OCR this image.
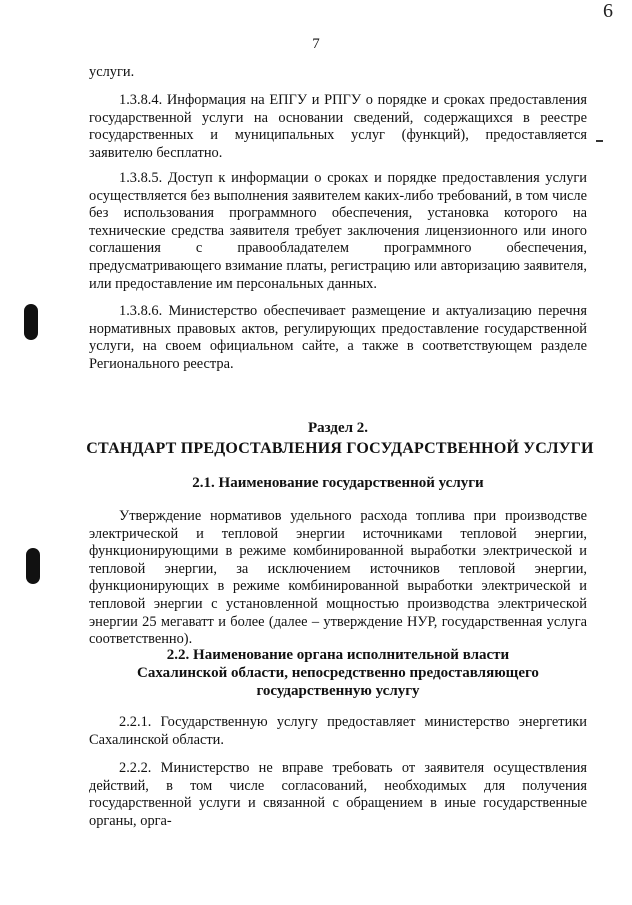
6
7

услуги.

1.3.8.4. Информация на ЕПГУ и РПГУ о порядке и сроках предоставления государственной услуги на основании сведений, содержащихся в реестре государственных и муниципальных услуг (функций), предоставляется заявителю бесплатно.

1.3.8.5. Доступ к информации о сроках и порядке предоставления услуги осуществляется без выполнения заявителем каких-либо требований, в том числе без использования программного обеспечения, установка которого на технические средства заявителя требует заключения лицензионного или иного соглашения с правообладателем программного обеспечения, предусматривающего взимание платы, регистрацию или авторизацию заявителя, или предоставление им персональных данных.

1.3.8.6. Министерство обеспечивает размещение и актуализацию перечня нормативных правовых актов, регулирующих предоставление государственной услуги, на своем официальном сайте, а также в соответствующем разделе Регионального реестра.

Раздел 2.
СТАНДАРТ ПРЕДОСТАВЛЕНИЯ ГОСУДАРСТВЕННОЙ УСЛУГИ
2.1. Наименование государственной услуги

Утверждение нормативов удельного расхода топлива при производстве электрической и тепловой энергии источниками тепловой энергии, функционирующими в режиме комбинированной выработки электрической и тепловой энергии, за исключением источников тепловой энергии, функционирующих в режиме комбинированной выработки электрической и тепловой энергии с установленной мощностью производства электрической энергии 25 мегаватт и более (далее – утверждение НУР, государственная услуга соответственно).

2.2. Наименование органа исполнительной власти Сахалинской области, непосредственно предоставляющего государственную услугу

2.2.1. Государственную услугу предоставляет министерство энергетики Сахалинской области.

2.2.2. Министерство не вправе требовать от заявителя осуществления действий, в том числе согласований, необходимых для получения государственной услуги и связанной с обращением в иные государственные органы, орга-
